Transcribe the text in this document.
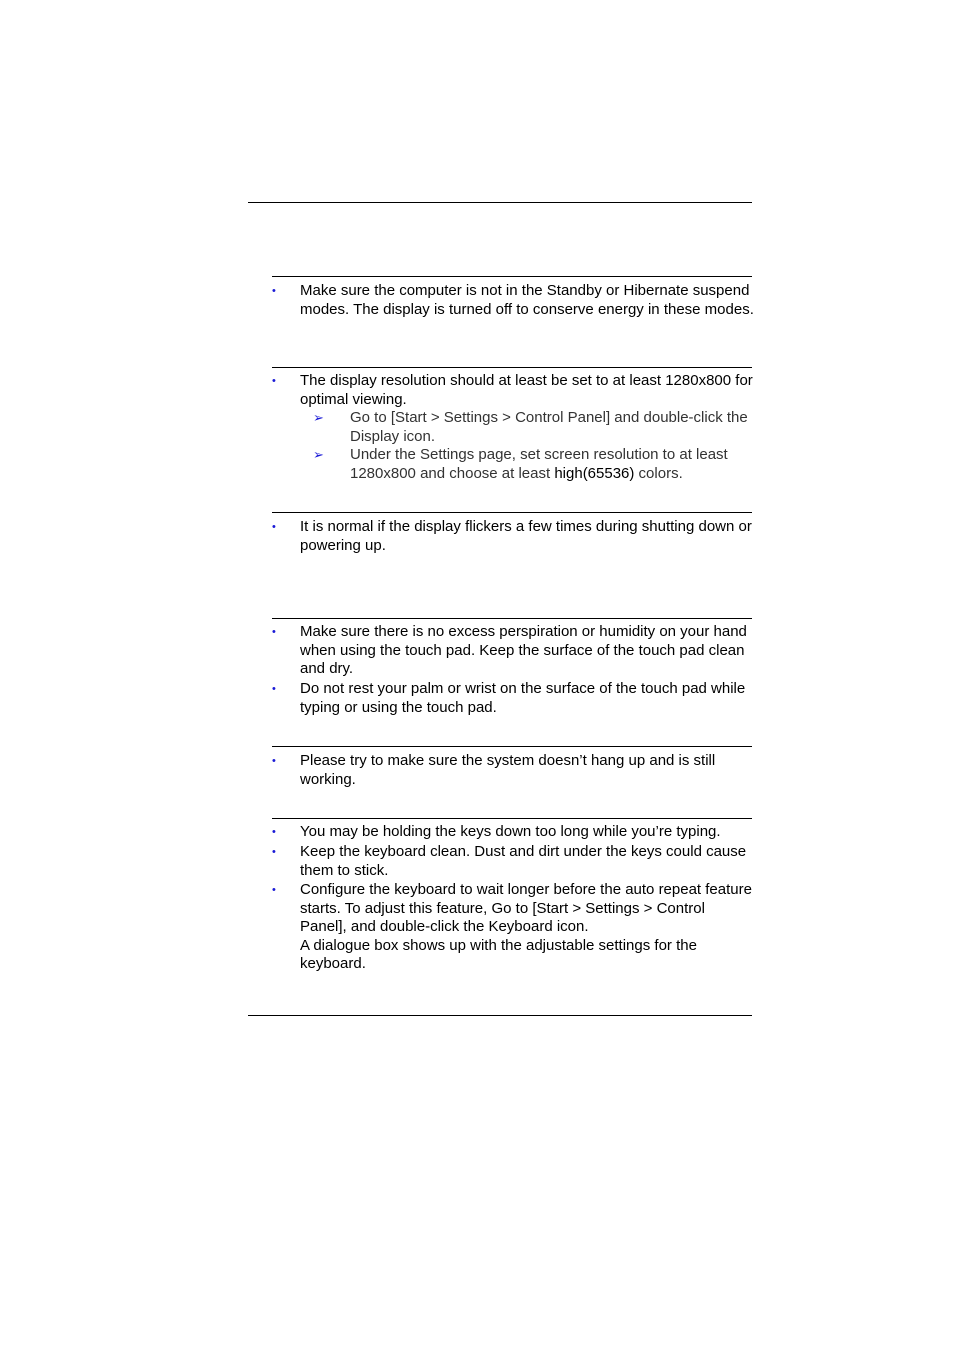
•	Make sure the computer is not in the Standby or Hibernate suspend modes. The display is turned off to conserve energy in these modes.
•	The display resolution should at least be set to at least 1280x800 for optimal viewing.
➢ Go to [Start > Settings > Control Panel] and double-click the Display icon.
➢ Under the Settings page, set screen resolution to at least 1280x800 and choose at least high(65536) colors.
•	It is normal if the display flickers a few times during shutting down or powering up.
•	Make sure there is no excess perspiration or humidity on your hand when using the touch pad. Keep the surface of the touch pad clean and dry.
•	Do not rest your palm or wrist on the surface of the touch pad while typing or using the touch pad.
•	Please try to make sure the system doesn’t hang up and is still working.
•	You may be holding the keys down too long while you’re typing.
•	Keep the keyboard clean. Dust and dirt under the keys could cause them to stick.
•	Configure the keyboard to wait longer before the auto repeat feature starts. To adjust this feature, Go to [Start > Settings > Control Panel], and double-click the Keyboard icon.
A dialogue box shows up with the adjustable settings for the keyboard.
